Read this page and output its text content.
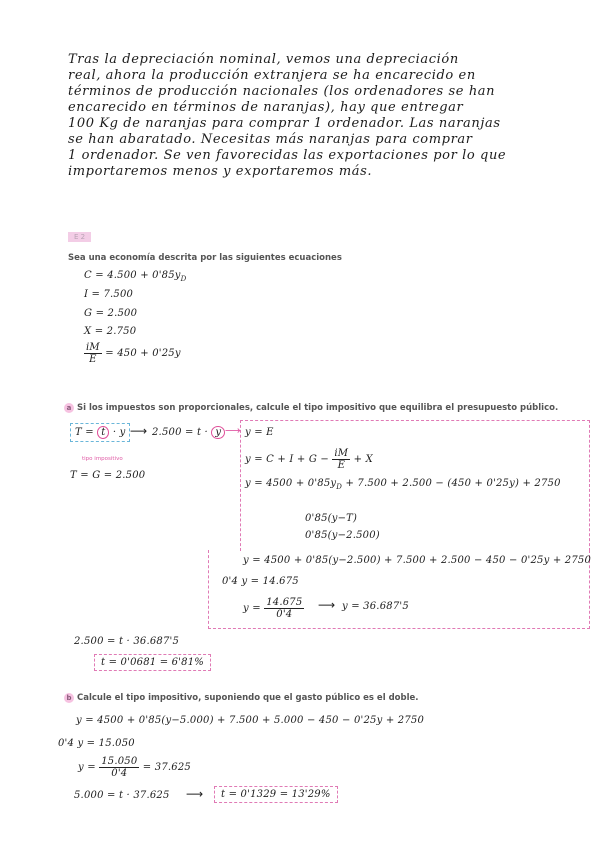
Tras la depreciación nominal, vemos una depreciación
real, ahora la producción extranjera se ha encarecido en
términos de producción nacionales (los ordenadores se han
encarecido en términos de naranjas), hay que entregar
100 Kg de naranjas para comprar 1 ordenador. Las naranjas
se han abaratado. Necesitas más naranjas para comprar
1 ordenador. Se ven favorecidas las exportaciones por lo que
importaremos menos y exportaremos más.
E 2
Sea una economía descrita por las siguientes ecuaciones
$C = 4.500 + 0'85y_D$
I = 7.500
G = 2.500
X = 2.750
$\frac{iM}{E} = 450 + 0'25y$
a Si los impuestos son proporcionales, calcule el tipo impositivo que equilibra el presupuesto público.
T = t · y
tipo impositivo
T = G = 2.500
⟶ 2.500 = t · y ⟶ y = E
$y = C + I + G - \frac{iM}{E} + X$
$y = 4500 + 0'85y_D + 7.500 + 2.500 - (450 + 0'25y) + 2750$
0'85(y−T)
0'85(y−2.500)
y = 4500 + 0'85(y−2.500) + 7.500 + 2.500 − 450 − 0'25y + 2750
0'4 y = 14.675
$y = \frac{14.675}{0'4}$ ⟶ y = 36.687'5
2.500 = t · 36.687'5
t = 0'0681 = 6'81%
b Calcule el tipo impositivo, suponiendo que el gasto público es el doble.
y = 4500 + 0'85(y−5.000) + 7.500 + 5.000 − 450 − 0'25y + 2750
0'4 y = 15.050
$y = \frac{15.050}{0'4} = 37.625$
5.000 = t · 37.625 ⟶	t = 0'1329 = 13'29%
